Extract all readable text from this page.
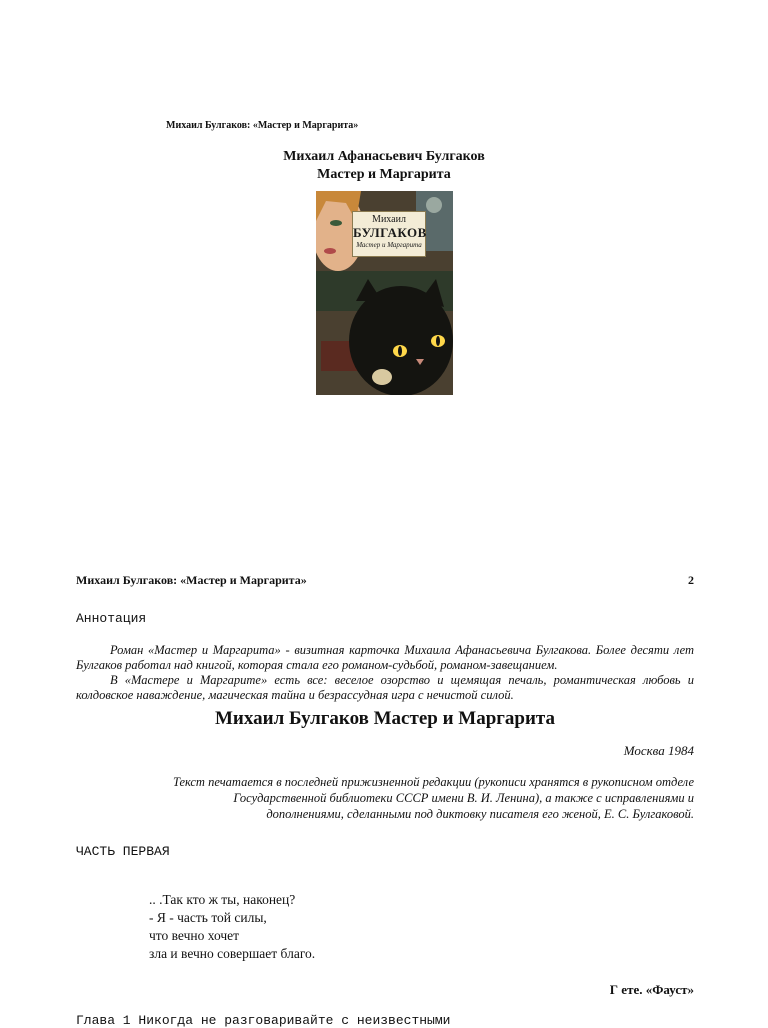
Михаил Булгаков: «Мастер и Маргарита»
Михаил Афанасьевич Булгаков
Мастер и Маргарита
Михаил
БУЛГАКОВ
Мастер и Маргарита
Михаил Булгаков: «Мастер и Маргарита»	2
Аннотация

Роман «Мастер и Маргарита» - визитная карточка Михаила Афанасьевича Булгакова. Более десяти лет Булгаков работал над книгой, которая стала его романом-судьбой, романом-завещанием.

В «Мастере и Маргарите» есть все: веселое озорство и щемящая печаль, романтическая любовь и колдовское наваждение, магическая тайна и безрассудная игра с нечистой силой.

Михаил Булгаков Мастер и Маргарита
Москва 1984
Текст печатается в последней прижизненной редакции (рукописи хранятся в рукописном отделе
Государственной библиотеки СССР имени В. И. Ленина), а также с исправлениями и
дополнениями, сделанными под диктовку писателя его женой, Е. С. Булгаковой.
ЧАСТЬ ПЕРВАЯ
.. .Так кто ж ты, наконец?
- Я - часть той силы,
что вечно хочет
зла и вечно совершает благо.
Г ете. «Фауст»
Глава 1 Никогда не разговаривайте с неизвестными
